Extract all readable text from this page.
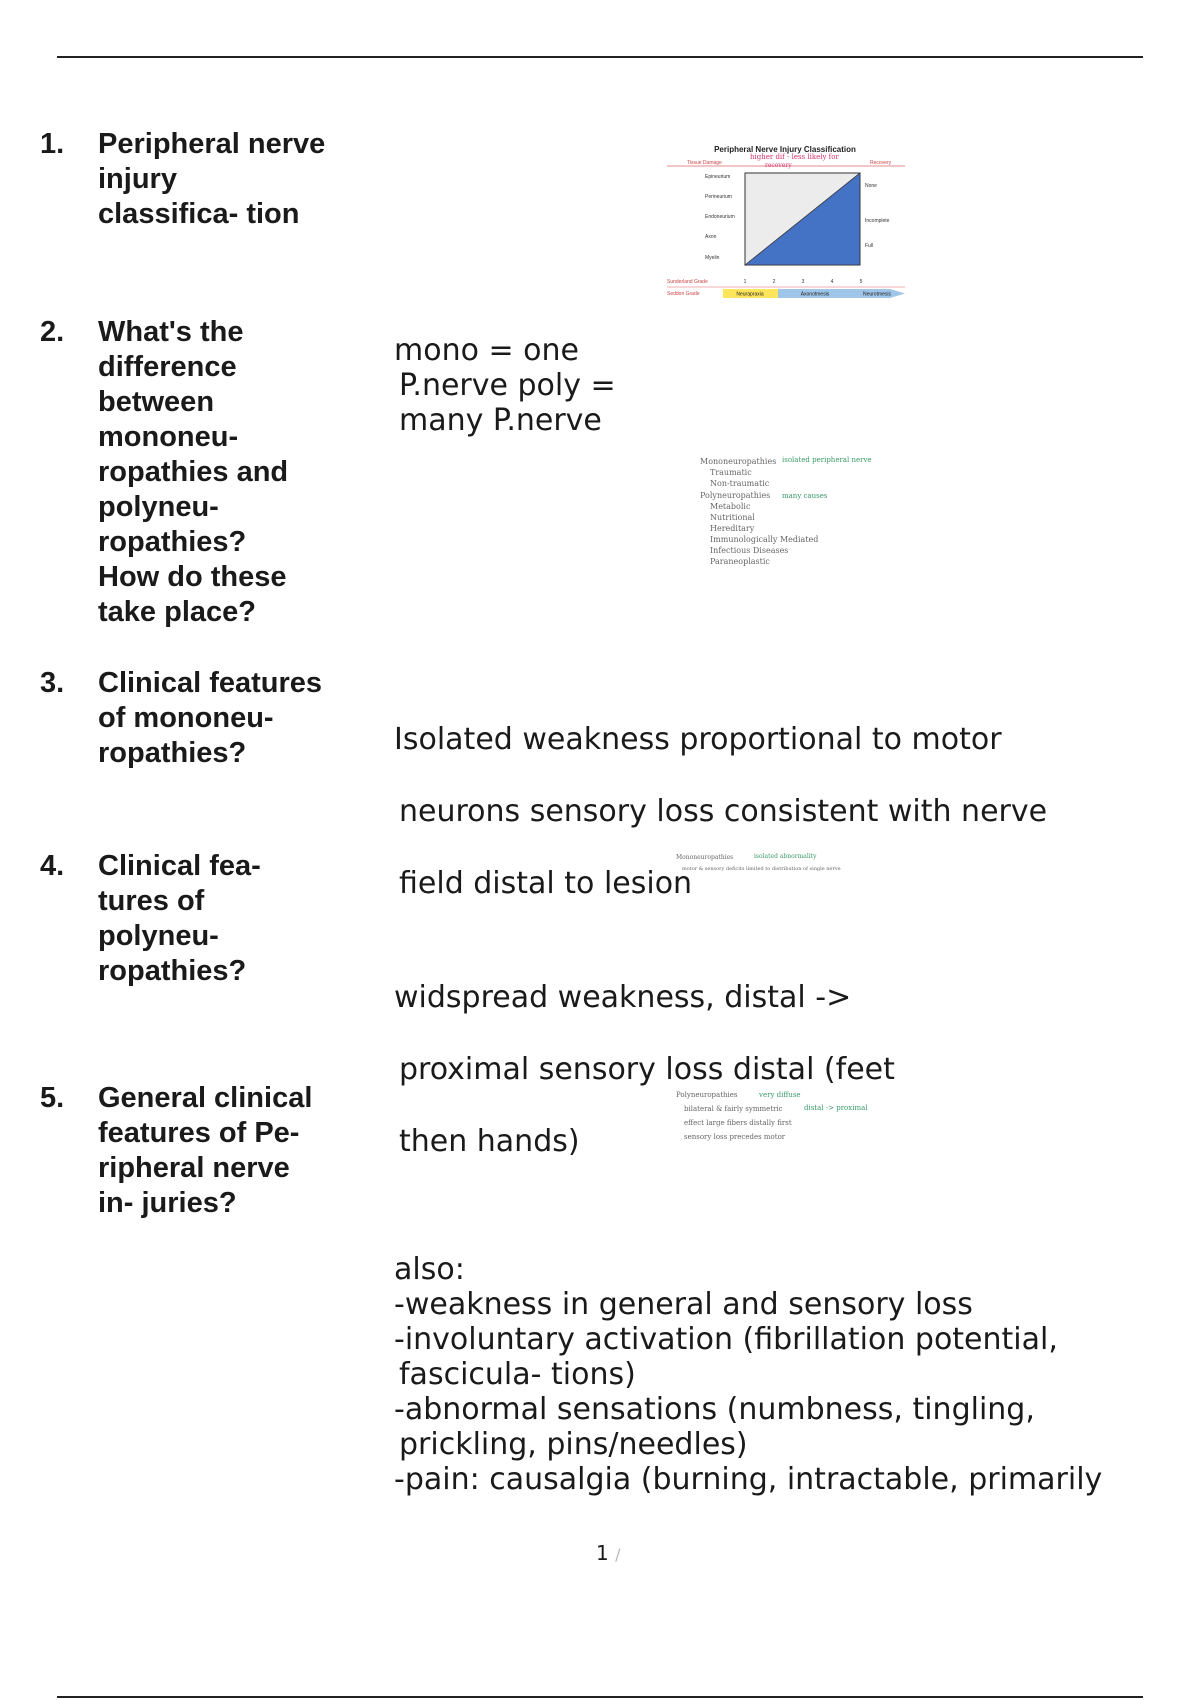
1. Peripheral nerve
injury
classifica- tion
2. What's the
difference
between
mononeu-
ropathies and
polyneu-
ropathies?
How do these
take place?
3. Clinical features
of mononeu-
ropathies?
4. Clinical fea-
tures of
polyneu-
ropathies?
5. General clinical
features of Pe-
ripheral nerve
in- juries?
mono = one
P.nerve poly =
many P.nerve
Isolated weakness proportional to motor
neurons sensory loss consistent with nerve
field distal to lesion
widspread weakness, distal ->
proximal sensory loss distal (feet
then hands)
also:
-weakness in general and sensory loss
-involuntary activation (fibrillation potential,
fascicula- tions)
-abnormal sensations (numbness, tingling,
prickling, pins/needles)
-pain: causalgia (burning, intractable, primarily
Peripheral Nerve Injury Classification
Tissue Damage	Recovery
higher dif - less likely for
recovery
Epineurium
Perineurium
Endoneurium
Axon
Myelin
None
Incomplete
Full
Sunderland Grade	1	2	3	4	5
Seddon Grade	Neurapraxia	Axonotmesis	Neurotmesis
Mononeuropathies isolated peripheral nerve
Traumatic
Non-traumatic
Polyneuropathies many causes
Metabolic
Nutritional
Hereditary
Immunologically Mediated
Infectious Diseases
Paraneoplastic
Mononeuropathies	isolated abnormality
motor & sensory deficits limited to distribution of single nerve
Polyneuropathies	very diffuse
bilateral & fairly symmetric	distal -> proximal
effect large fibers distally first
sensory loss precedes motor
1 /
